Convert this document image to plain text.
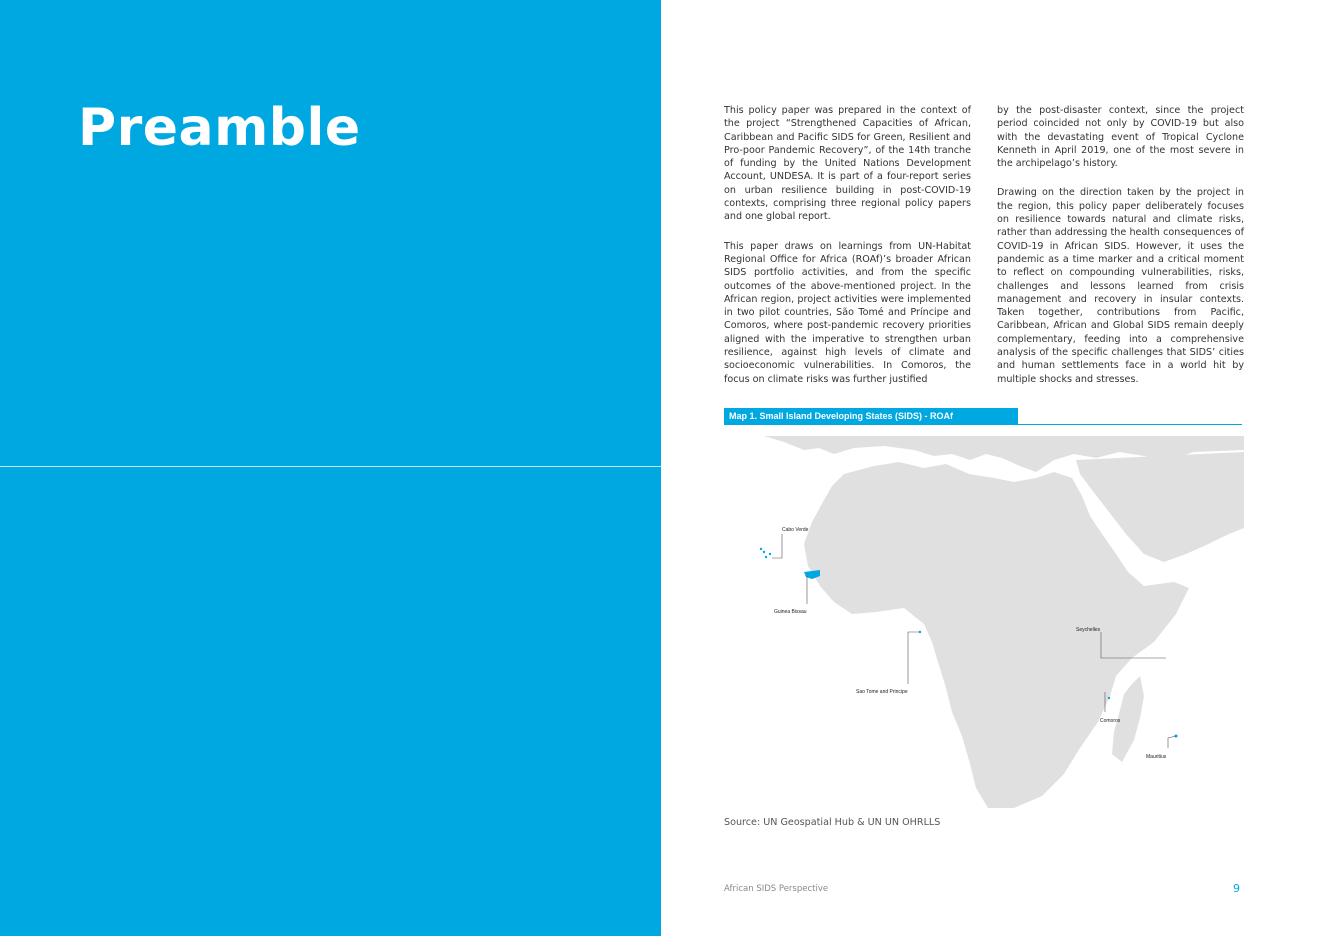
Preamble	This policy paper was prepared in the context of the project “Strengthened Capacities of African, Caribbean and Pacific SIDS for Green, Resilient and Pro-poor Pandemic Recovery”, of the 14th tranche of funding by the United Nations Development Account, UNDESA. It is part of a four-report series on urban resilience building in post-COVID-19 contexts, comprising three regional policy papers and one global report.

This paper draws on learnings from UN-Habitat Regional Office for Africa (ROAf)’s broader African SIDS portfolio activities, and from the specific outcomes of the above-mentioned project. In the African region, project activities were implemented in two pilot countries, São Tomé and Príncipe and Comoros, where post-pandemic recovery priorities aligned with the imperative to strengthen urban resilience, against high levels of climate and socioeconomic vulnerabilities. In Comoros, the focus on climate risks was further justified

by the post-disaster context, since the project period coincided not only by COVID-19 but also with the devastating event of Tropical Cyclone Kenneth in April 2019, one of the most severe in the archipelago’s history.

Drawing on the direction taken by the project in the region, this policy paper deliberately focuses on resilience towards natural and climate risks, rather than addressing the health consequences of COVID-19 in African SIDS. However, it uses the pandemic as a time marker and a critical moment to reflect on compounding vulnerabilities, risks, challenges and lessons learned from crisis management and recovery in insular contexts. Taken together, contributions from Pacific, Caribbean, African and Global SIDS remain deeply complementary, feeding into a comprehensive analysis of the specific challenges that SIDS’ cities and human settlements face in a world hit by multiple shocks and stresses.

Map 1. Small Island Developing States (SIDS) - ROAf
Cabo Verde
Guinea Bissau
Sao Tome and Principe
Seychelles
Comoros
Mauritius
Source: UN Geospatial Hub & UN UN OHRLLS
African SIDS Perspective	9
